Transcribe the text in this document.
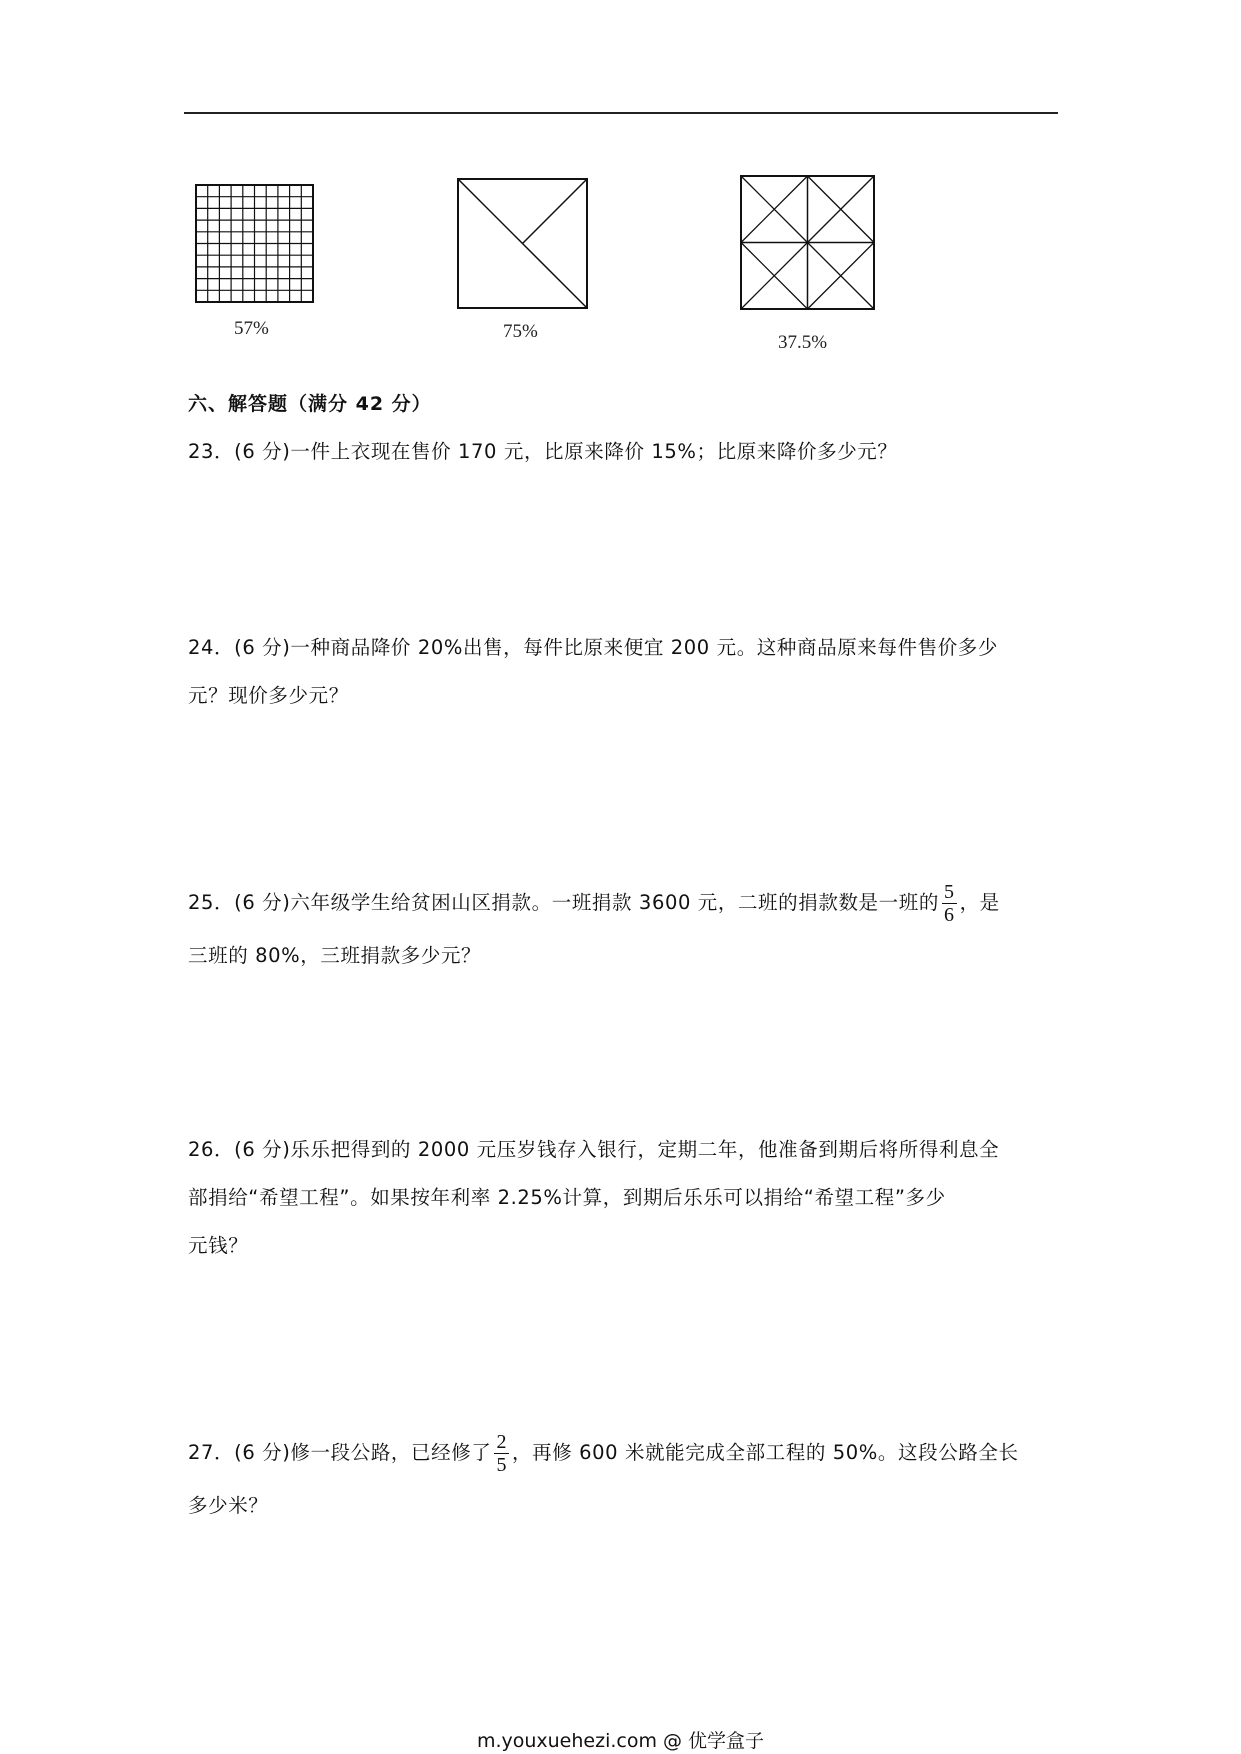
57%	75%
37.5%
六、解答题（满分 42 分）
23．(6 分)一件上衣现在售价 170 元，比原来降价 15%；比原来降价多少元？
24．(6 分)一种商品降价 20%出售，每件比原来便宜 200 元。这种商品原来每件售价多少
元？现价多少元？
25．(6 分)六年级学生给贫困山区捐款。一班捐款 3600 元，二班的捐款数是一班的 $\frac{5}{6}$ ，是
三班的 80%，三班捐款多少元？
26．(6 分)乐乐把得到的 2000 元压岁钱存入银行，定期二年，他准备到期后将所得利息全
部捐给“希望工程”。如果按年利率 2.25%计算，到期后乐乐可以捐给“希望工程”多少
元钱？
27．(6 分)修一段公路，已经修了 $\frac{2}{5}$ ，再修 600 米就能完成全部工程的 50%。这段公路全长
多少米？
m.youxuehezi.com @ 优学盒子
